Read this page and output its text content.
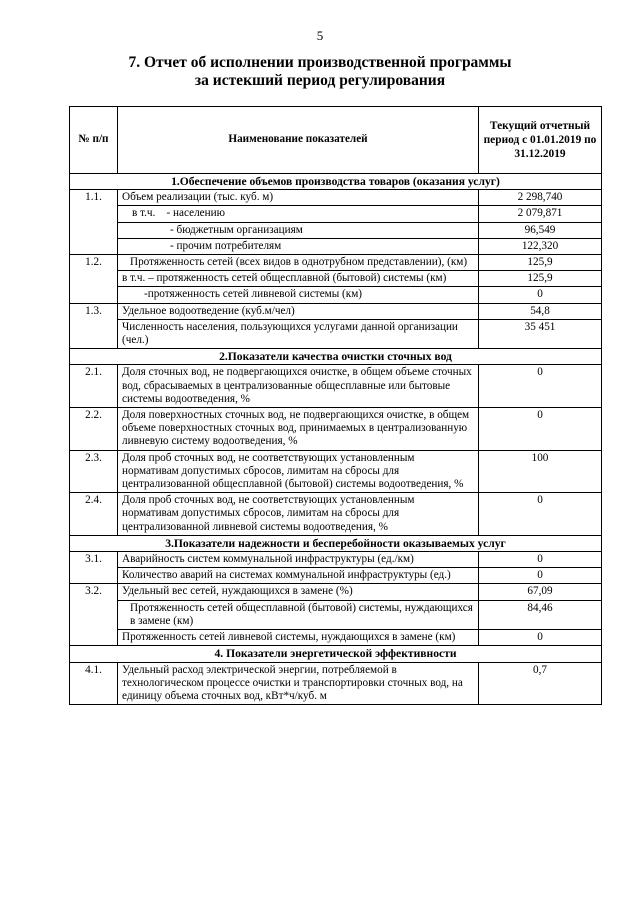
5
7. Отчет об исполнении производственной программы
за истекший период регулирования
№ п/п	Наименование показателей	Текущий отчетный период с 01.01.2019 по 31.12.2019
1.Обеспечение объемов производства товаров (оказания услуг)		
1.1.	Объем реализации (тыс. куб. м)	2 298,740
	в т.ч.    - населению	2 079,871
	- бюджетным организациям	96,549
	- прочим потребителям	122,320
1.2.	Протяженность сетей (всех видов в однотрубном представлении), (км)	125,9
	в т.ч. – протяженность сетей общесплавной (бытовой) системы (км)	125,9
	-протяженность сетей ливневой системы (км)	0
1.3.	Удельное водоотведение (куб.м/чел)	54,8
	Численность населения, пользующихся услугами данной организации (чел.)	35 451
2.Показатели качества очистки сточных вод		
2.1.	Доля сточных вод, не подвергающихся очистке, в общем объеме сточных вод, сбрасываемых в централизованные общесплавные или бытовые системы водоотведения, %	0
2.2.	Доля поверхностных сточных вод, не подвергающихся очистке, в общем объеме поверхностных сточных вод, принимаемых в централизованную ливневую систему водоотведения, %	0
2.3.	Доля проб сточных вод, не соответствующих установленным нормативам допустимых сбросов, лимитам на сбросы для централизованной общесплавной (бытовой) системы водоотведения, %	100
2.4.	Доля проб сточных вод, не соответствующих установленным нормативам допустимых сбросов, лимитам на сбросы для централизованной ливневой системы водоотведения, %	0
3.Показатели надежности и бесперебойности оказываемых услуг		
3.1.	Аварийность систем коммунальной инфраструктуры (ед./км)	0
	Количество аварий на системах коммунальной инфраструктуры (ед.)	0
3.2.	Удельный вес сетей, нуждающихся в замене (%)	67,09
	Протяженность сетей общесплавной (бытовой) системы, нуждающихся в замене (км)	84,46
	Протяженность сетей ливневой системы, нуждающихся в замене (км)	0
4. Показатели энергетической эффективности		
4.1.	Удельный расход электрической энергии, потребляемой в технологическом процессе очистки и транспортировки сточных вод, на единицу объема сточных вод, кВт*ч/куб. м	0,7
